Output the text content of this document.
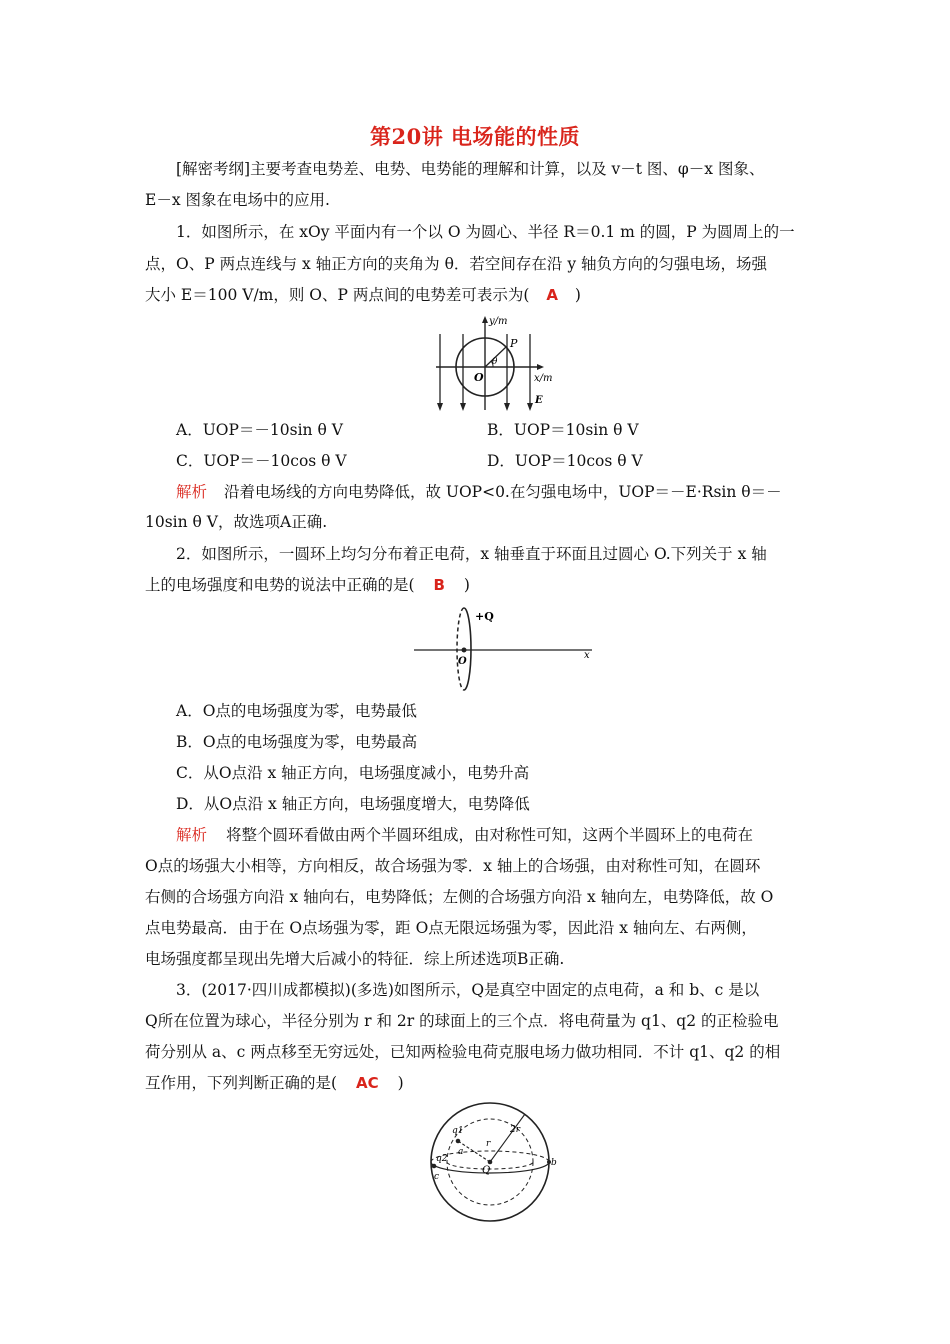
第20讲 电场能的性质
[解密考纲]主要考查电势差、电势、电势能的理解和计算，以及 v－t 图、φ－x 图象、
E－x 图象在电场中的应用.
1．如图所示，在 xOy 平面内有一个以 O 为圆心、半径 R＝0.1 m 的圆，P 为圆周上的一
点，O、P 两点连线与 x 轴正方向的夹角为 θ．若空间存在沿 y 轴负方向的匀强电场，场强
大小 E＝100 V/m，则 O、P 两点间的电势差可表示为( A )
y/m
P
O
θ
x/m
E
A．UOP＝－10sin θ V	B．UOP＝10sin θ V
C．UOP＝－10cos θ V	D．UOP＝10cos θ V
解析 沿着电场线的方向电势降低，故 UOP<0.在匀强电场中，UOP＝－E·Rsin θ＝－
10sin θ V，故选项A正确.
2．如图所示，一圆环上均匀分布着正电荷，x 轴垂直于环面且过圆心 O.下列关于 x 轴
上的电场强度和电势的说法中正确的是( B )
+Q
O
x
A．O点的电场强度为零，电势最低
B．O点的电场强度为零，电势最高
C．从O点沿 x 轴正方向，电场强度减小，电势升高
D．从O点沿 x 轴正方向，电场强度增大，电势降低
解析 将整个圆环看做由两个半圆环组成，由对称性可知，这两个半圆环上的电荷在
O点的场强大小相等，方向相反，故合场强为零．x 轴上的合场强，由对称性可知，在圆环
右侧的合场强方向沿 x 轴向右，电势降低；左侧的合场强方向沿 x 轴向左，电势降低，故 O
点电势最高．由于在 O点场强为零，距 O点无限远场强为零，因此沿 x 轴向左、右两侧，
电场强度都呈现出先增大后减小的特征．综上所述选项B正确.
3．(2017·四川成都模拟)(多选)如图所示，Q是真空中固定的点电荷，a 和 b、c 是以
Q所在位置为球心，半径分别为 r 和 2r 的球面上的三个点．将电荷量为 q1、q2 的正检验电
荷分别从 a、c 两点移至无穷远处，已知两检验电荷克服电场力做功相同．不计 q1、q2 的相
互作用，下列判断正确的是( AC )
q1
a
q2
c
b
r
2r
Q
